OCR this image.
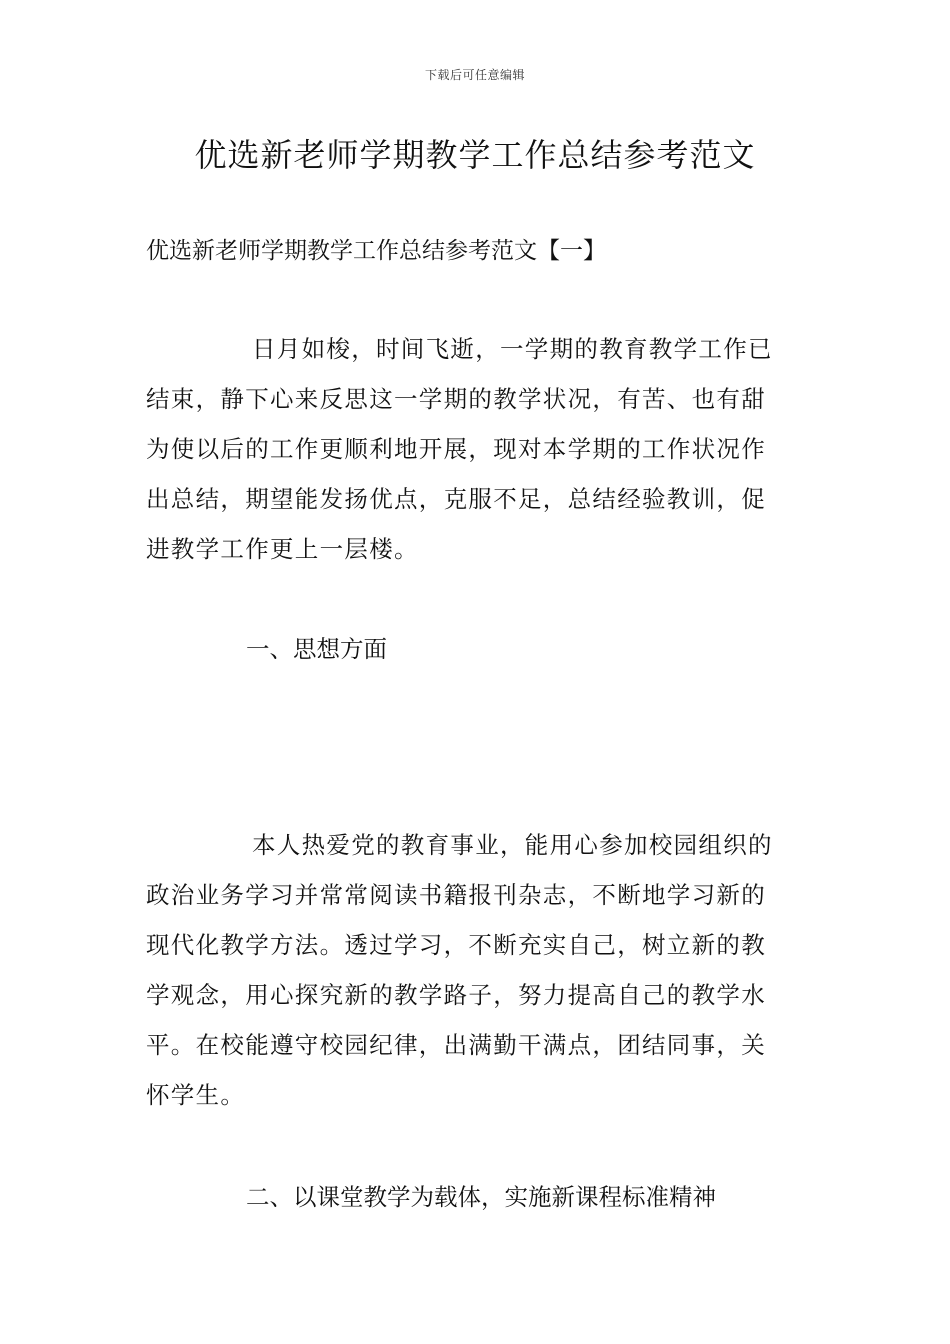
下载后可任意编辑
优选新老师学期教学工作总结参考范文

优选新老师学期教学工作总结参考范文【一】

日月如梭，时间飞逝，一学期的教育教学工作已
结束，静下心来反思这一学期的教学状况，有苦、也有甜
为使以后的工作更顺利地开展，现对本学期的工作状况作
出总结，期望能发扬优点，克服不足，总结经验教训，促
进教学工作更上一层楼。

一、思想方面

本人热爱党的教育事业，能用心参加校园组织的
政治业务学习并常常阅读书籍报刊杂志，不断地学习新的
现代化教学方法。透过学习，不断充实自己，树立新的教
学观念，用心探究新的教学路子，努力提高自己的教学水
平。在校能遵守校园纪律，出满勤干满点，团结同事，关
怀学生。

二、以课堂教学为载体，实施新课程标准精神
